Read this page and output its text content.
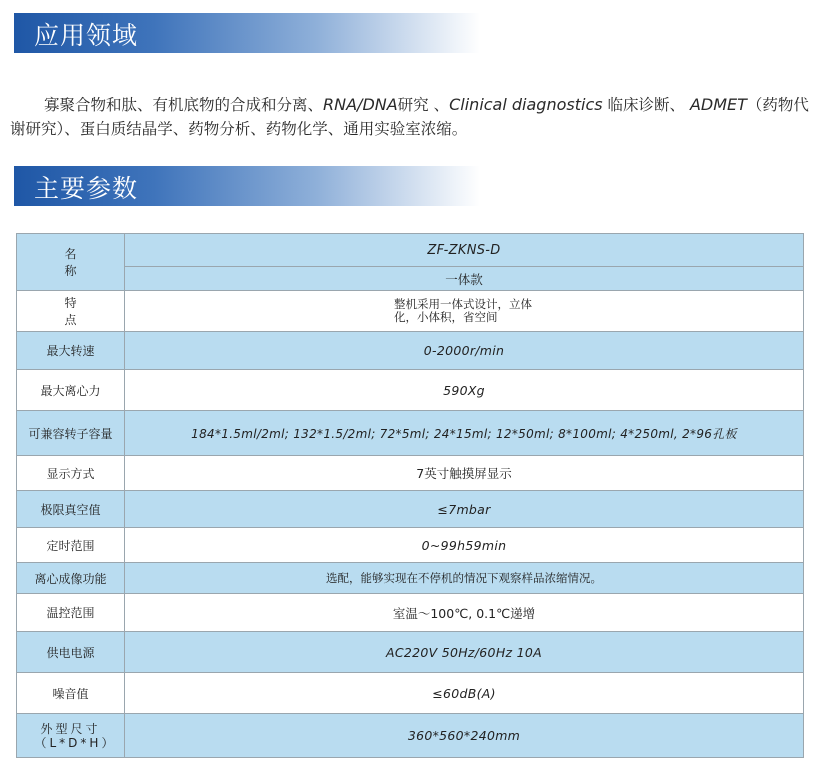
应用领域
寡聚合物和肽、有机底物的合成和分离、RNA/DNA研究 、Clinical diagnostics 临床诊断、 ADMET（药物代谢研究）、蛋白质结晶学、药物分析、药物化学、通用实验室浓缩。
主要参数
名 称	ZF-ZKNS-D
	一体款
特 点	整机采用一体式设计，立体化，小体积，省空间

最大转速	0-2000r/min
最大离心力	590Xg
可兼容转子容量	184*1.5ml/2ml; 132*1.5/2ml; 72*5ml; 24*15ml; 12*50ml; 8*100ml; 4*250ml, 2*96孔板
显示方式	7英寸触摸屏显示
极限真空值	≤7mbar
定时范围	0~99h59min
离心成像功能	选配，能够实现在不停机的情况下观察样品浓缩情况。
温控范围	室温～100℃, 0.1℃递增
供电电源	AC220V 50Hz/60Hz 10A
噪音值	≤60dB(A)

外型尺寸（L*D*H）	360*560*240mm
